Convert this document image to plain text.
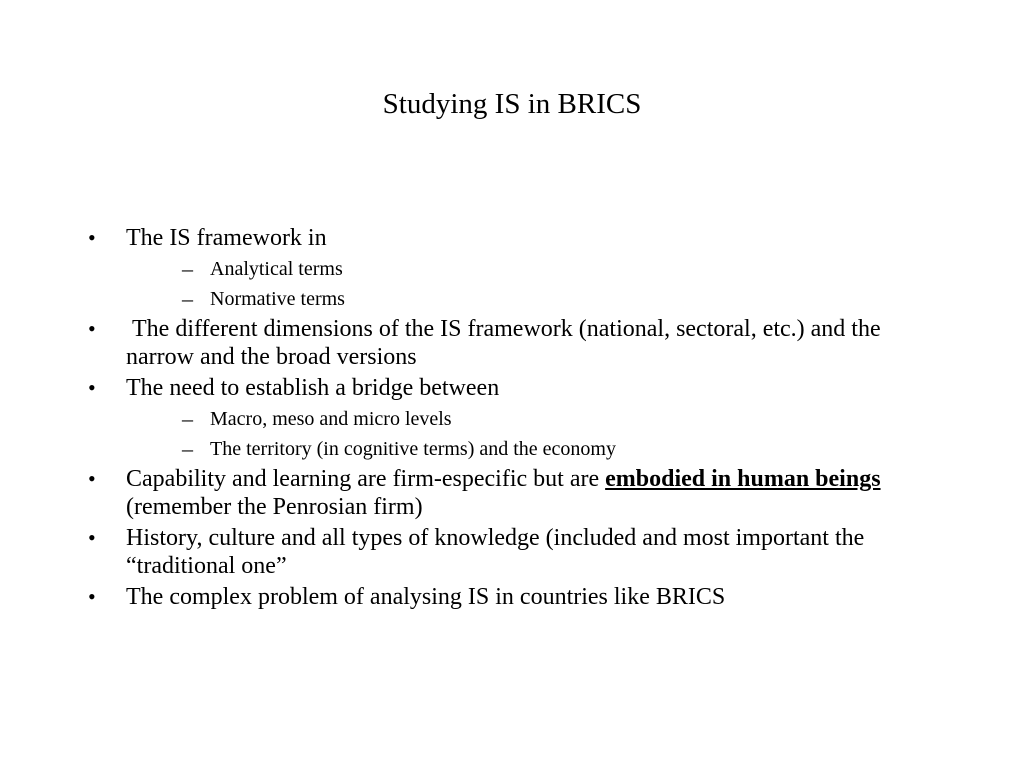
Studying IS in BRICS
• The IS framework in
– Analytical terms
– Normative terms
• The different dimensions of the IS framework (national, sectoral, etc.) and the narrow and the broad versions
• The need to establish a bridge between
– Macro, meso and micro levels
– The territory (in cognitive terms) and the economy
• Capability and learning are firm-especific but are embodied in human beings (remember the Penrosian firm)
• History, culture and all types of knowledge (included and most important the “traditional one”
• The complex problem of analysing IS in countries like BRICS
